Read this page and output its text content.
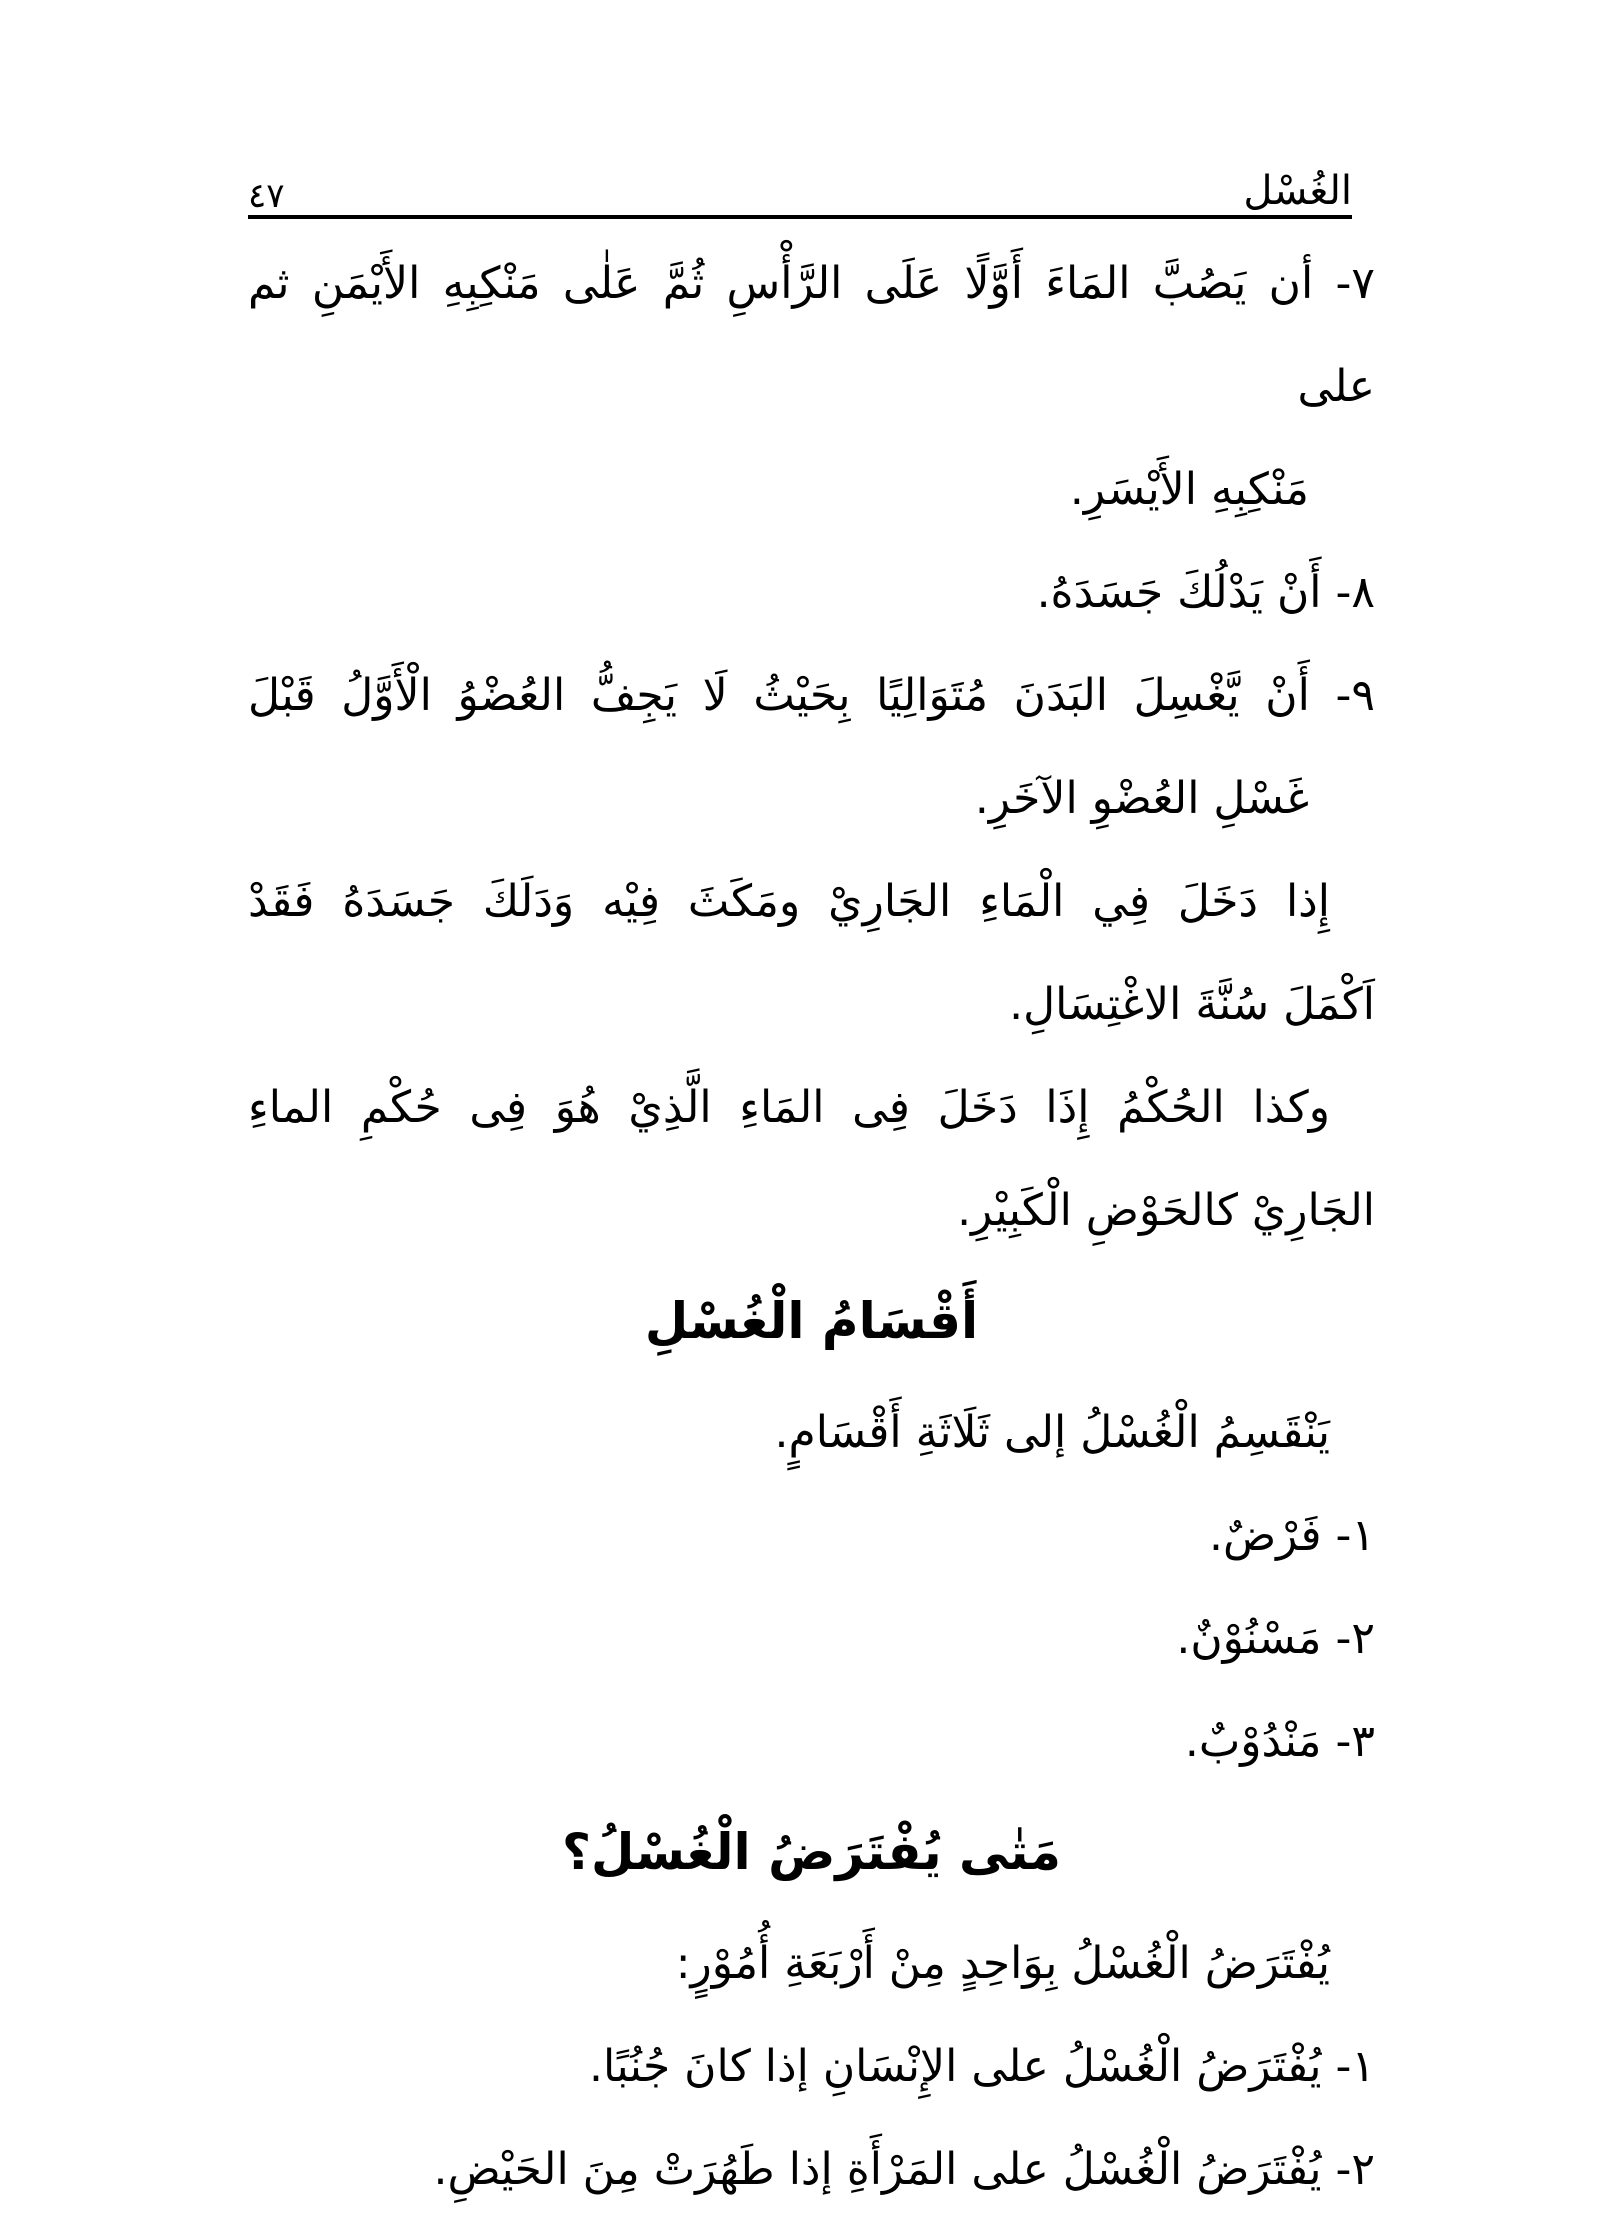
٤٧	الغُسْل
٧- أن يَصُبَّ المَاءَ أَوَّلًا عَلَى الرَّأْسِ ثُمَّ عَلٰى مَنْكِبِهِ الأَيْمَنِ ثم على
مَنْكِبِهِ الأَيْسَرِ.
٨- أَنْ يَدْلُكَ جَسَدَهُ.
٩- أَنْ يَّغْسِلَ البَدَنَ مُتَوَالِيًا بِحَيْثُ لَا يَجِفُّ العُضْوُ الْأَوَّلُ قَبْلَ
غَسْلِ العُضْوِ الآخَرِ.
إِذا دَخَلَ فِي الْمَاءِ الجَارِيْ ومَكَثَ فِيْه وَدَلَكَ جَسَدَهُ فَقَدْ
اَكْمَلَ سُنَّةَ الاغْتِسَالِ.
وكذا الحُكْمُ إِذَا دَخَلَ فِى المَاءِ الَّذِيْ هُوَ فِى حُكْمِ الماءِ
الجَارِيْ كالحَوْضِ الْكَبِيْرِ.
أَقْسَامُ الْغُسْلِ
يَنْقَسِمُ الْغُسْلُ إلى ثَلَاثَةِ أَقْسَامٍ.
١- فَرْضٌ.
٢- مَسْنُوْنٌ.
٣- مَنْدُوْبٌ.
مَتٰى يُفْتَرَضُ الْغُسْلُ؟
يُفْتَرَضُ الْغُسْلُ بِوَاحِدٍ مِنْ أَرْبَعَةِ أُمُوْرٍ:
١- يُفْتَرَضُ الْغُسْلُ على الإِنْسَانِ إذا كانَ جُنُبًا.
٢- يُفْتَرَضُ الْغُسْلُ على المَرْأَةِ إذا طَهُرَتْ مِنَ الحَيْضِ.
